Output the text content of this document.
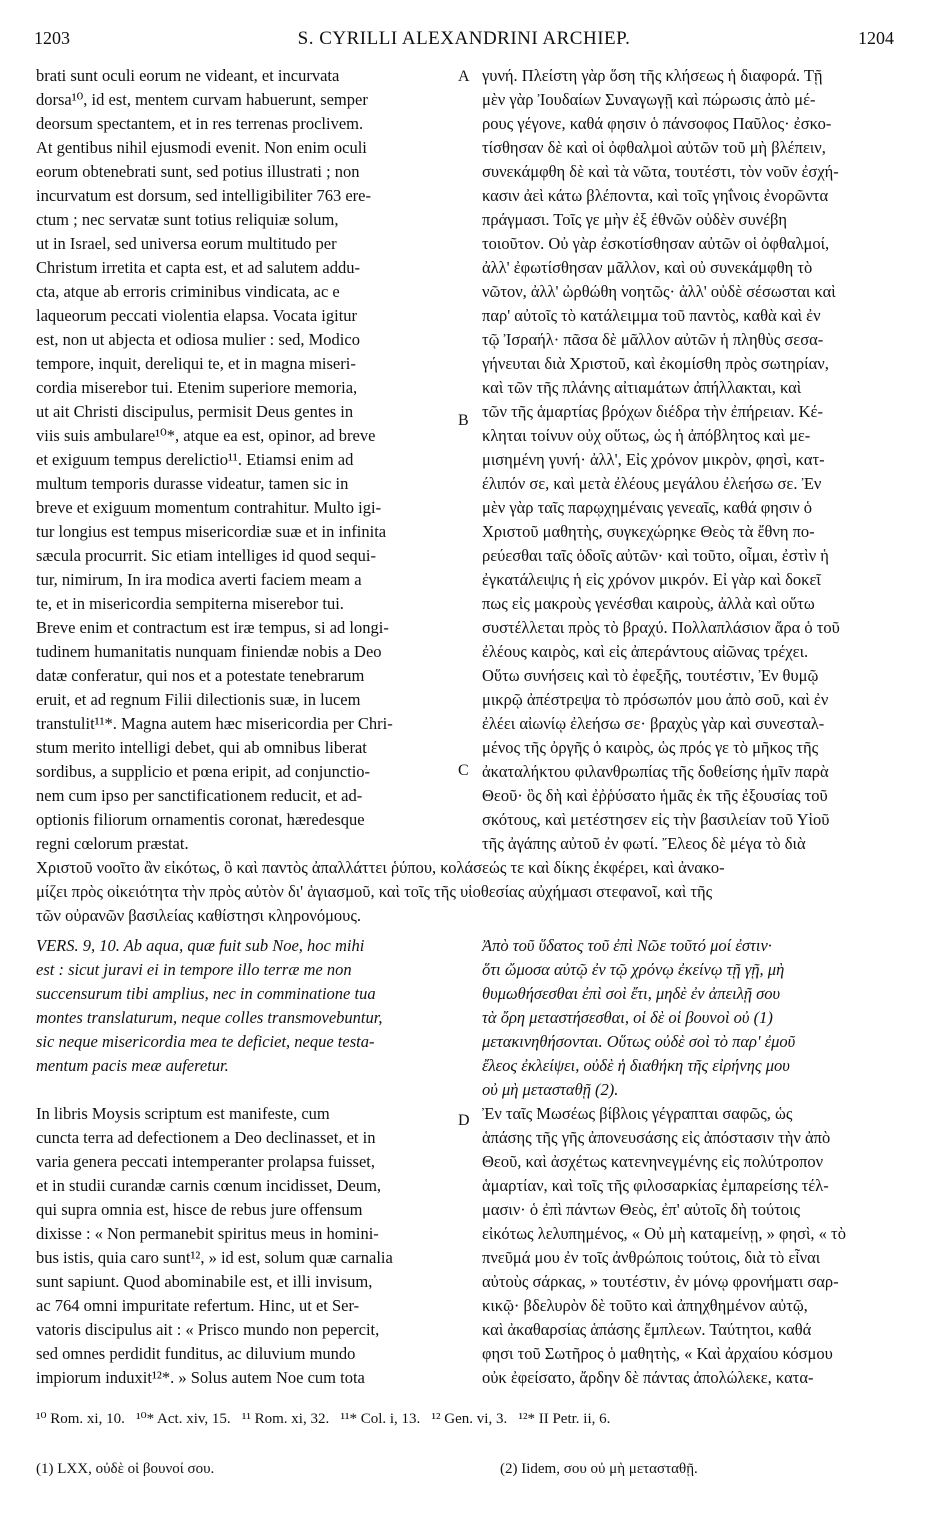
1203	S. CYRILLI ALEXANDRINI ARCHIEP.	1204
A
B
C
D
brati sunt oculi eorum ne videant, et incurvata
dorsa¹⁰, id est, mentem curvam habuerunt, semper
deorsum spectantem, et in res terrenas proclivem.
At gentibus nihil ejusmodi evenit. Non enim oculi
eorum obtenebrati sunt, sed potius illustrati ; non
incurvatum est dorsum, sed intelligibiliter 763 ere-
ctum ; nec servatæ sunt totius reliquiæ solum,
ut in Israel, sed universa eorum multitudo per
Christum irretita et capta est, et ad salutem addu-
cta, atque ab erroris criminibus vindicata, ac e
laqueorum peccati violentia elapsa. Vocata igitur
est, non ut abjecta et odiosa mulier : sed, Modico
tempore, inquit, dereliqui te, et in magna miseri-
cordia miserebor tui. Etenim superiore memoria,
ut ait Christi discipulus, permisit Deus gentes in
viis suis ambulare¹⁰*, atque ea est, opinor, ad breve
et exiguum tempus derelictio¹¹. Etiamsi enim ad
multum temporis durasse videatur, tamen sic in
breve et exiguum momentum contrahitur. Multo igi-
tur longius est tempus misericordiæ suæ et in infinita
sæcula procurrit. Sic etiam intelliges id quod sequi-
tur, nimirum, In ira modica averti faciem meam a
te, et in misericordia sempiterna miserebor tui.
Breve enim et contractum est iræ tempus, si ad longi-
tudinem humanitatis nunquam finiendæ nobis a Deo
datæ conferatur, qui nos et a potestate tenebrarum
eruit, et ad regnum Filii dilectionis suæ, in lucem
transtulit¹¹*. Magna autem hæc misericordia per Chri-
stum merito intelligi debet, qui ab omnibus liberat
sordibus, a supplicio et pœna eripit, ad conjunctio-
nem cum ipso per sanctificationem reducit, et ad-
optionis filiorum ornamentis coronat, hæredesque
regni cœlorum præstat.
γυνή. Πλείστη γὰρ ὅση τῆς κλήσεως ἡ διαφορά. Τῇ
μὲν γὰρ Ἰουδαίων Συναγωγῇ καὶ πώρωσις ἀπὸ μέ-
ρους γέγονε, καθά φησιν ὁ πάνσοφος Παῦλος· ἐσκο-
τίσθησαν δὲ καὶ οἱ ὀφθαλμοὶ αὐτῶν τοῦ μὴ βλέπειν,
συνεκάμφθη δὲ καὶ τὰ νῶτα, τουτέστι, τὸν νοῦν ἐσχή-
κασιν ἀεὶ κάτω βλέποντα, καὶ τοῖς γηΐνοις ἐνορῶντα
πράγμασι. Τοῖς γε μὴν ἐξ ἐθνῶν οὐδὲν συνέβη
τοιοῦτον. Οὐ γὰρ ἐσκοτίσθησαν αὐτῶν οἱ ὀφθαλμοί,
ἀλλ' ἐφωτίσθησαν μᾶλλον, καὶ οὐ συνεκάμφθη τὸ
νῶτον, ἀλλ' ὠρθώθη νοητῶς· ἀλλ' οὐδὲ σέσωσται καὶ
παρ' αὐτοῖς τὸ κατάλειμμα τοῦ παντὸς, καθὰ καὶ ἐν
τῷ Ἰσραήλ· πᾶσα δὲ μᾶλλον αὐτῶν ἡ πληθὺς σεσα-
γήνευται διὰ Χριστοῦ, καὶ ἐκομίσθη πρὸς σωτηρίαν,
καὶ τῶν τῆς πλάνης αἰτιαμάτων ἀπήλλακται, καὶ
τῶν τῆς ἁμαρτίας βρόχων διέδρα τὴν ἐπήρειαν. Κέ-
κληται τοίνυν οὐχ οὕτως, ὡς ἡ ἀπόβλητος καὶ με-
μισημένη γυνή· ἀλλ', Εἰς χρόνον μικρὸν, φησὶ, κατ-
έλιπόν σε, καὶ μετὰ ἐλέους μεγάλου ἐλεήσω σε. Ἐν
μὲν γὰρ ταῖς παρῳχημέναις γενεαῖς, καθά φησιν ὁ
Χριστοῦ μαθητὴς, συγκεχώρηκε Θεὸς τὰ ἔθνη πο-
ρεύεσθαι ταῖς ὁδοῖς αὐτῶν· καὶ τοῦτο, οἶμαι, ἐστὶν ἡ
ἐγκατάλειψις ἡ εἰς χρόνον μικρόν. Εἰ γὰρ καὶ δοκεῖ
πως εἰς μακροὺς γενέσθαι καιροὺς, ἀλλὰ καὶ οὕτω
συστέλλεται πρὸς τὸ βραχύ. Πολλαπλάσιον ἄρα ὁ τοῦ
ἐλέους καιρὸς, καὶ εἰς ἀπεράντους αἰῶνας τρέχει.
Οὕτω συνήσεις καὶ τὸ ἐφεξῆς, τουτέστιν, Ἐν θυμῷ
μικρῷ ἀπέστρεψα τὸ πρόσωπόν μου ἀπὸ σοῦ, καὶ ἐν
ἐλέει αἰωνίῳ ἐλεήσω σε· βραχὺς γὰρ καὶ συνεσταλ-
μένος τῆς ὀργῆς ὁ καιρὸς, ὡς πρός γε τὸ μῆκος τῆς
ἀκαταλήκτου φιλανθρωπίας τῆς δοθείσης ἡμῖν παρὰ
Θεοῦ· ὃς δὴ καὶ ἐῤῥύσατο ἡμᾶς ἐκ τῆς ἐξουσίας τοῦ
σκότους, καὶ μετέστησεν εἰς τὴν βασιλείαν τοῦ Υἱοῦ
τῆς ἀγάπης αὐτοῦ ἐν φωτί. Ἔλεος δὲ μέγα τὸ διὰ
Χριστοῦ νοοῖτο ἂν εἰκότως, ὃ καὶ παντὸς ἀπαλλάττει ῥύπου, κολάσεώς τε καὶ δίκης ἐκφέρει, καὶ ἀνακο-
μίζει πρὸς οἰκειότητα τὴν πρὸς αὐτὸν δι' ἁγιασμοῦ, καὶ τοῖς τῆς υἱοθεσίας αὐχήμασι στεφανοῖ, καὶ τῆς
τῶν οὐρανῶν βασιλείας καθίστησι κληρονόμους.
VERS. 9, 10. Ab aqua, quæ fuit sub Noe, hoc mihi
est : sicut juravi ei in tempore illo terræ me non
succensurum tibi amplius, nec in comminatione tua
montes translaturum, neque colles transmovebuntur,
sic neque misericordia mea te deficiet, neque testa-
mentum pacis meæ auferetur.
Ἀπὸ τοῦ ὕδατος τοῦ ἐπὶ Νῶε τοῦτό μοί ἐστιν·
ὅτι ὤμοσα αὐτῷ ἐν τῷ χρόνῳ ἐκείνῳ τῇ γῇ, μὴ
θυμωθήσεσθαι ἐπὶ σοὶ ἔτι, μηδὲ ἐν ἀπειλῇ σου
τὰ ὄρη μεταστήσεσθαι, οἱ δὲ οἱ βουνοὶ οὐ (1)
μετακινηθήσονται. Οὕτως οὐδὲ σοὶ τὸ παρ' ἐμοῦ
ἔλεος ἐκλείψει, οὐδὲ ἡ διαθήκη τῆς εἰρήνης μου
οὐ μὴ μετασταθῇ (2).
In libris Moysis scriptum est manifeste, cum
cuncta terra ad defectionem a Deo declinasset, et in
varia genera peccati intemperanter prolapsa fuisset,
et in studii curandæ carnis cœnum incidisset, Deum,
qui supra omnia est, hisce de rebus jure offensum
dixisse : « Non permanebit spiritus meus in homini-
bus istis, quia caro sunt¹², » id est, solum quæ carnalia
sunt sapiunt. Quod abominabile est, et illi invisum,
ac 764 omni impuritate refertum. Hinc, ut et Ser-
vatoris discipulus ait : « Prisco mundo non pepercit,
sed omnes perdidit funditus, ac diluvium mundo
impiorum induxit¹²*. » Solus autem Noe cum tota
Ἐν ταῖς Μωσέως βίβλοις γέγραπται σαφῶς, ὡς
ἁπάσης τῆς γῆς ἀπονευσάσης εἰς ἀπόστασιν τὴν ἀπὸ
Θεοῦ, καὶ ἀσχέτως κατενηνεγμένης εἰς πολύτροπον
ἁμαρτίαν, καὶ τοῖς τῆς φιλοσαρκίας ἐμπαρείσης τέλ-
μασιν· ὁ ἐπὶ πάντων Θεὸς, ἐπ' αὐτοῖς δὴ τούτοις
εἰκότως λελυπημένος, « Οὐ μὴ καταμείνῃ, » φησὶ, « τὸ
πνεῦμά μου ἐν τοῖς ἀνθρώποις τούτοις, διὰ τὸ εἶναι
αὐτοὺς σάρκας, » τουτέστιν, ἐν μόνῳ φρονήματι σαρ-
κικῷ· βδελυρὸν δὲ τοῦτο καὶ ἀπηχθημένον αὐτῷ,
καὶ ἀκαθαρσίας ἁπάσης ἔμπλεων. Ταύτητοι, καθά
φησι τοῦ Σωτῆρος ὁ μαθητὴς, « Καὶ ἀρχαίου κόσμου
οὐκ ἐφείσατο, ἄρδην δὲ πάντας ἀπολώλεκε, κατα-
¹⁰ Rom. xi, 10.   ¹⁰* Act. xiv, 15.   ¹¹ Rom. xi, 32.   ¹¹* Col. i, 13.   ¹² Gen. vi, 3.   ¹²* II Petr. ii, 6.
(1) LXX, οὐδὲ οἱ βουνοί σου.	(2) Iidem, σου οὐ μὴ μετασταθῇ.
